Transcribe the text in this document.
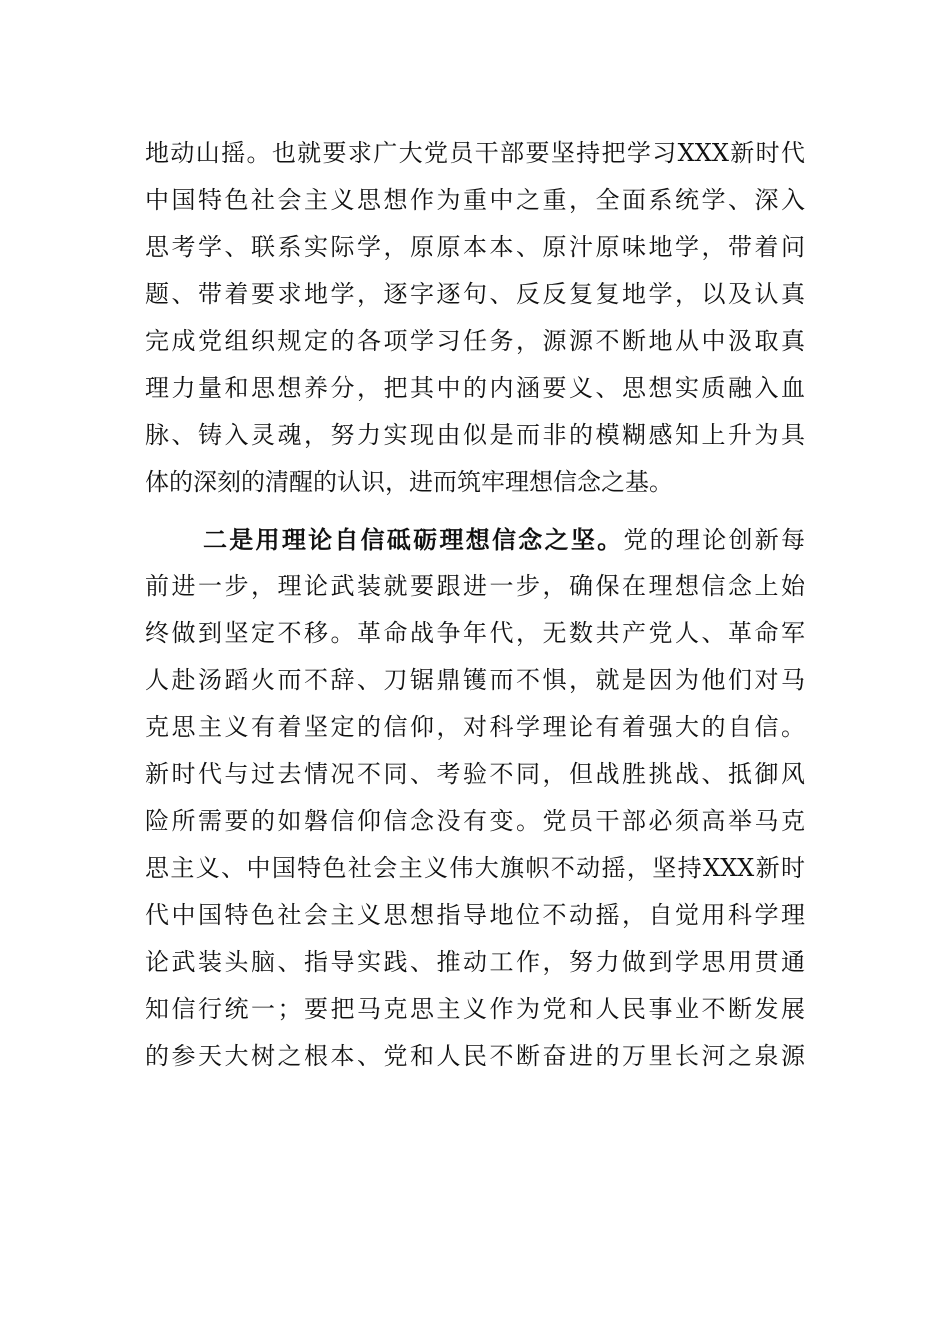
地动山摇。也就要求广大党员干部要坚持把学习XXX新时代
中国特色社会主义思想作为重中之重，全面系统学、深入
思考学、联系实际学，原原本本、原汁原味地学，带着问
题、带着要求地学，逐字逐句、反反复复地学，以及认真
完成党组织规定的各项学习任务，源源不断地从中汲取真
理力量和思想养分，把其中的内涵要义、思想实质融入血
脉、铸入灵魂，努力实现由似是而非的模糊感知上升为具
体的深刻的清醒的认识，进而筑牢理想信念之基。
二是用理论自信砥砺理想信念之坚。党的理论创新每
前进一步，理论武装就要跟进一步，确保在理想信念上始
终做到坚定不移。革命战争年代，无数共产党人、革命军
人赴汤蹈火而不辞、刀锯鼎镬而不惧，就是因为他们对马
克思主义有着坚定的信仰，对科学理论有着强大的自信。
新时代与过去情况不同、考验不同，但战胜挑战、抵御风
险所需要的如磐信仰信念没有变。党员干部必须高举马克
思主义、中国特色社会主义伟大旗帜不动摇，坚持XXX新时
代中国特色社会主义思想指导地位不动摇，自觉用科学理
论武装头脑、指导实践、推动工作，努力做到学思用贯通
知信行统一；要把马克思主义作为党和人民事业不断发展
的参天大树之根本、党和人民不断奋进的万里长河之泉源
